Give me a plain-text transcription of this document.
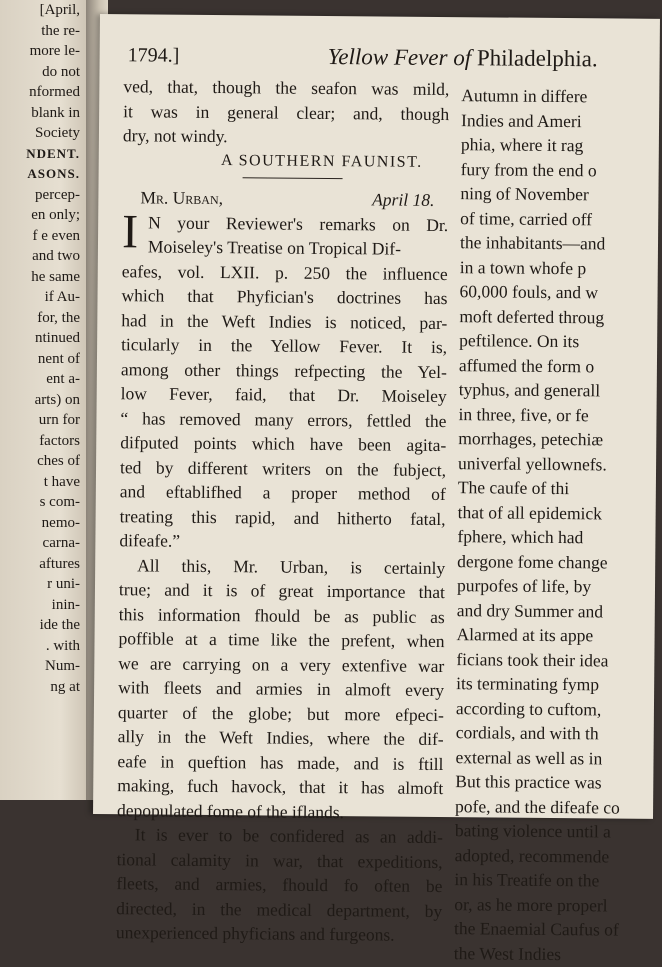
[April,
the re-
more le-
do not
nformed
blank in
Society
NDENT.
ASONS.
percep-
en only;
f e even
and two
he same
if Au-
for, the
ntinued
nent of
ent a-
arts) on
urn for
factors
ches of
t have
s com-
nemo-
carna-
aftures
r uni-
inin-
ide the
. with
Num-
ng at
1794.]	Yellow Fever of Philadelphia.
ved, that, though the seafon was mild,
it was in general clear; and, though
dry, not windy.
A SOUTHERN FAUNIST.
Mr. Urban,	April 18.
I N your Reviewer's remarks on Dr.
Moiseley's Treatise on Tropical Dif-
eafes, vol. LXII. p. 250 the influence
which that Phyfician's doctrines has
had in the Weft Indies is noticed, par-
ticularly in the Yellow Fever. It is,
among other things refpecting the Yel-
low Fever, faid, that Dr. Moiseley
“ has removed many errors, fettled the
difputed points which have been agita-
ted by different writers on the fubject,
and eftablifhed a proper method of
treating this rapid, and hitherto fatal,
difeafe.”
All this, Mr. Urban, is certainly
true; and it is of great importance that
this information fhould be as public as
poffible at a time like the prefent, when
we are carrying on a very extenfive war
with fleets and armies in almoft every
quarter of the globe; but more efpeci-
ally in the Weft Indies, where the dif-
eafe in queftion has made, and is ftill
making, fuch havock, that it has almoft
depopulated fome of the iflands.
It is ever to be confidered as an addi-
tional calamity in war, that expeditions,
fleets, and armies, fhould fo often be
directed, in the medical department, by
unexperienced phyficians and furgeons.
Autumn in differe
Indies and Ameri
phia, where it rag
fury from the end o
ning of November
of time, carried off
the inhabitants—and
in a town whofe p
60,000 fouls, and w
moft deferted throug
peftilence. On its
affumed the form o
typhus, and generall
in three, five, or fe
morrhages, petechiæ
univerfal yellownefs.
The caufe of thi
that of all epidemick
fphere, which had
dergone fome change
purpofes of life, by
and dry Summer and
Alarmed at its appe
ficians took their idea
its terminating fymp
according to cuftom,
cordials, and with th
external as well as in
But this practice was
pofe, and the difeafe co
bating violence until a
adopted, recommende
in his Treatife on the
or, as he more properl
the Enaemial Caufus of
the West Indies
